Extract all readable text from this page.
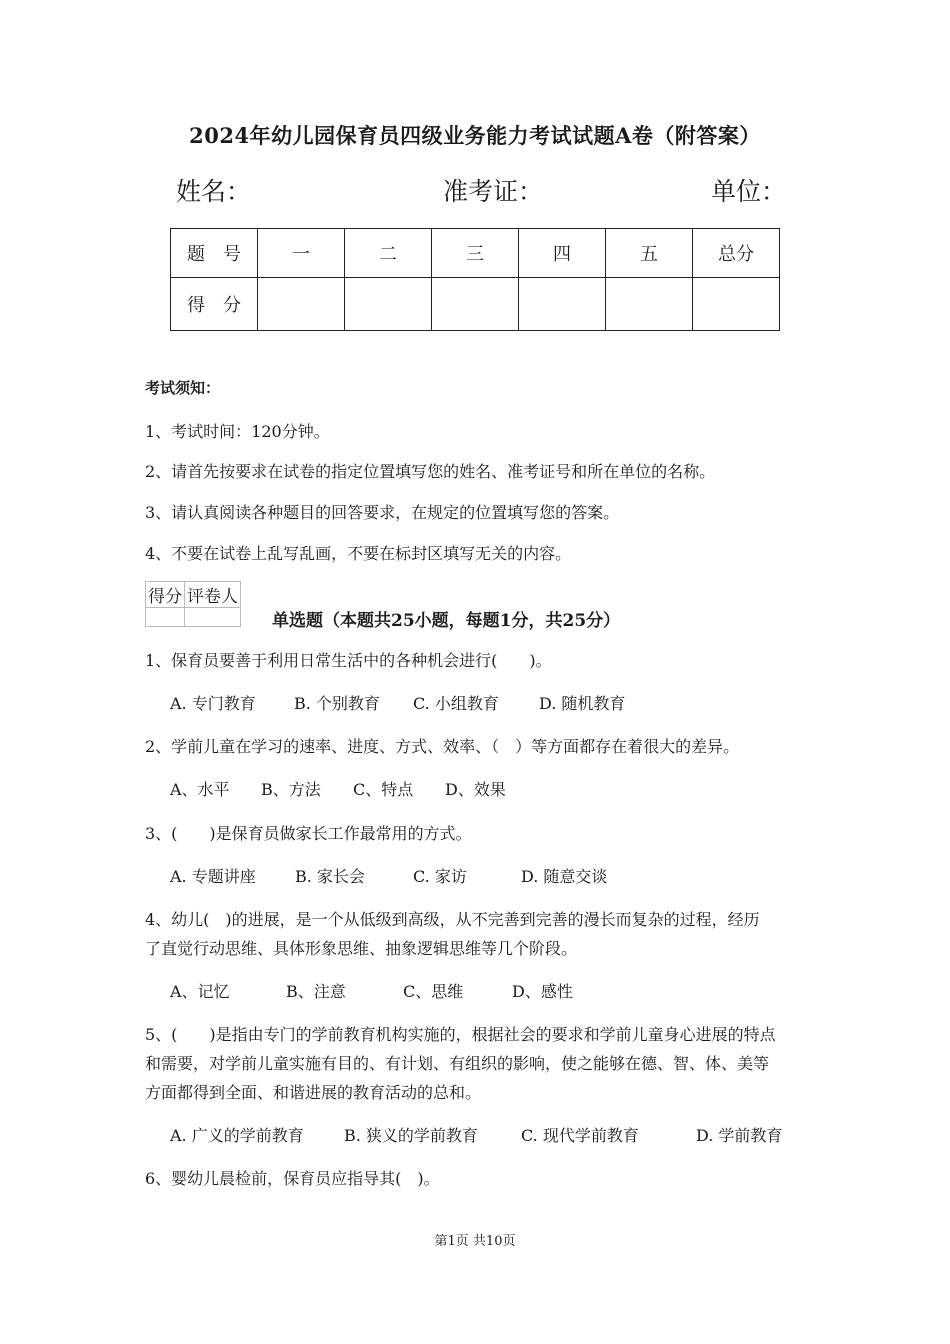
2024年幼儿园保育员四级业务能力考试试题A卷（附答案）
姓名：	准考证：	单位：
题　号	一	二	三	四	五	总分
得　分						
考试须知：
1、考试时间：120分钟。
2、请首先按要求在试卷的指定位置填写您的姓名、准考证号和所在单位的名称。
3、请认真阅读各种题目的回答要求，在规定的位置填写您的答案。
4、不要在试卷上乱写乱画，不要在标封区填写无关的内容。
得分	评卷人

单选题（本题共25小题，每题1分，共25分）
1、保育员要善于利用日常生活中的各种机会进行(　　)。
A. 专门教育 B. 个别教育 C. 小组教育	D. 随机教育
2、学前儿童在学习的速率、进度、方式、效率、（　）等方面都存在着很大的差异。
A、水平 B、方法 C、特点 D、效果
3、(　　)是保育员做家长工作最常用的方式。
A. 专题讲座 B. 家长会	C. 家访	D. 随意交谈
4、幼儿(　)的进展，是一个从低级到高级，从不完善到完善的漫长而复杂的过程，经历
了直觉行动思维、具体形象思维、抽象逻辑思维等几个阶段。
A、记忆	B、注意	C、思维	D、感性
5、(　　)是指由专门的学前教育机构实施的，根据社会的要求和学前儿童身心进展的特点
和需要，对学前儿童实施有目的、有计划、有组织的影响，使之能够在德、智、体、美等
方面都得到全面、和谐进展的教育活动的总和。
A. 广义的学前教育	B. 狭义的学前教育	C. 现代学前教育	D. 学前教育
6、婴幼儿晨检前，保育员应指导其(　)。
第1页 共10页
